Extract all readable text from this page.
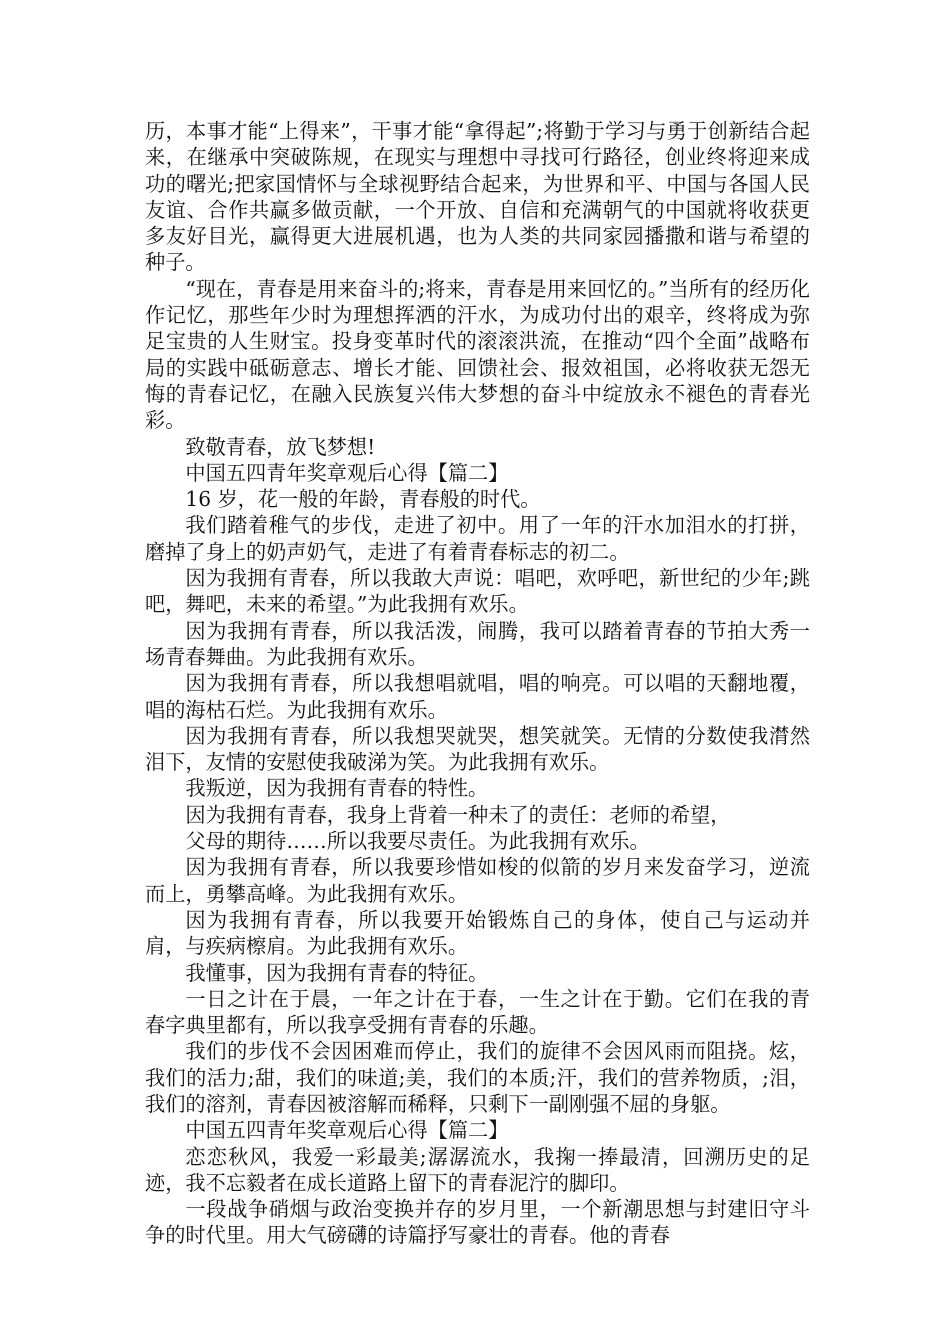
历，本事才能“上得来”，干事才能“拿得起”;将勤于学习与勇于创新结合起来，在继承中突破陈规，在现实与理想中寻找可行路径，创业终将迎来成功的曙光;把家国情怀与全球视野结合起来，为世界和平、中国与各国人民友谊、合作共赢多做贡献，一个开放、自信和充满朝气的中国就将收获更多友好目光，赢得更大进展机遇，也为人类的共同家园播撒和谐与希望的种子。

“现在，青春是用来奋斗的;将来，青春是用来回忆的。”当所有的经历化作记忆，那些年少时为理想挥洒的汗水，为成功付出的艰辛，终将成为弥足宝贵的人生财宝。投身变革时代的滚滚洪流，在推动“四个全面”战略布局的实践中砥砺意志、增长才能、回馈社会、报效祖国，必将收获无怨无悔的青春记忆，在融入民族复兴伟大梦想的奋斗中绽放永不褪色的青春光彩。

致敬青春，放飞梦想!

中国五四青年奖章观后心得【篇二】

16 岁，花一般的年龄，青春般的时代。

我们踏着稚气的步伐，走进了初中。用了一年的汗水加泪水的打拼，磨掉了身上的奶声奶气，走进了有着青春标志的初二。

因为我拥有青春，所以我敢大声说：唱吧，欢呼吧，新世纪的少年;跳吧，舞吧，未来的希望。”为此我拥有欢乐。

因为我拥有青春，所以我活泼，闹腾，我可以踏着青春的节拍大秀一场青春舞曲。为此我拥有欢乐。

因为我拥有青春，所以我想唱就唱，唱的响亮。可以唱的天翻地覆，唱的海枯石烂。为此我拥有欢乐。

因为我拥有青春，所以我想哭就哭，想笑就笑。无情的分数使我潸然泪下，友情的安慰使我破涕为笑。为此我拥有欢乐。

我叛逆，因为我拥有青春的特性。

因为我拥有青春，我身上背着一种未了的责任：老师的希望，

父母的期待……所以我要尽责任。为此我拥有欢乐。

因为我拥有青春，所以我要珍惜如梭的似箭的岁月来发奋学习，逆流而上，勇攀高峰。为此我拥有欢乐。

因为我拥有青春，所以我要开始锻炼自己的身体，使自己与运动并肩，与疾病檫肩。为此我拥有欢乐。

我懂事，因为我拥有青春的特征。

一日之计在于晨，一年之计在于春，一生之计在于勤。它们在我的青春字典里都有，所以我享受拥有青春的乐趣。

我们的步伐不会因困难而停止，我们的旋律不会因风雨而阻挠。炫，我们的活力;甜，我们的味道;美，我们的本质;汗，我们的营养物质，;泪，我们的溶剂，青春因被溶解而稀释，只剩下一副刚强不屈的身躯。

中国五四青年奖章观后心得【篇二】

恋恋秋风，我爱一彩最美;潺潺流水，我掬一捧最清，回溯历史的足迹，我不忘毅者在成长道路上留下的青春泥泞的脚印。

一段战争硝烟与政治变换并存的岁月里，一个新潮思想与封建旧守斗争的时代里。用大气磅礴的诗篇抒写豪壮的青春。他的青春
